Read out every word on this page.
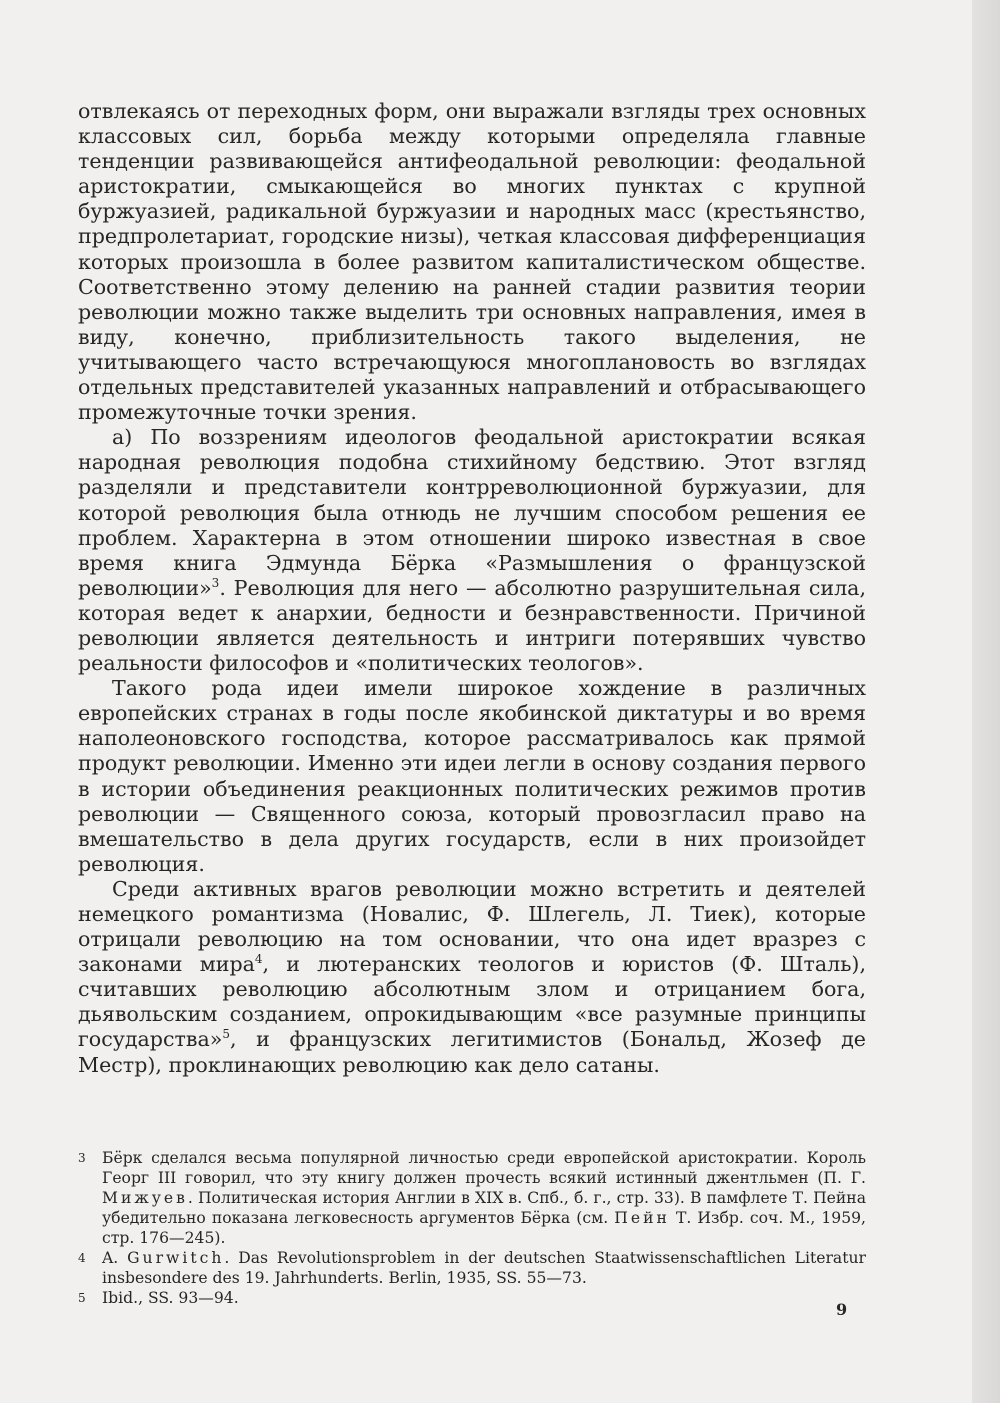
отвлекаясь от переходных форм, они выражали взгляды трех основных классовых сил, борьба между которыми определяла главные тенденции развивающейся антифеодальной революции: феодальной аристократии, смыкающейся во многих пунктах с крупной буржуазией, радикальной буржуазии и народных масс (крестьянство, предпролетариат, городские низы), четкая классовая дифференциация которых произошла в более развитом капиталистическом обществе. Соответственно этому делению на ранней стадии развития теории революции можно также выделить три основных направления, имея в виду, конечно, приблизительность такого выделения, не учитывающего часто встречающуюся многоплановость во взглядах отдельных представителей указанных направлений и отбрасывающего промежуточные точки зрения.

а) По воззрениям идеологов феодальной аристократии всякая народная революция подобна стихийному бедствию. Этот взгляд разделяли и представители контрреволюционной буржуазии, для которой революция была отнюдь не лучшим способом решения ее проблем. Характерна в этом отношении широко известная в свое время книга Эдмунда Бёрка «Размышления о французской революции»$^3$. Революция для него — абсолютно разрушительная сила, которая ведет к анархии, бедности и безнравственности. Причиной революции является деятельность и интриги потерявших чувство реальности философов и «политических теологов».

Такого рода идеи имели широкое хождение в различных европейских странах в годы после якобинской диктатуры и во время наполеоновского господства, которое рассматривалось как прямой продукт революции. Именно эти идеи легли в основу создания первого в истории объединения реакционных политических режимов против революции — Священного союза, который провозгласил право на вмешательство в дела других государств, если в них произойдет революция.

Среди активных врагов революции можно встретить и деятелей немецкого романтизма (Новалис, Ф. Шлегель, Л. Тиек), которые отрицали революцию на том основании, что она идет вразрез с законами мира$^4$, и лютеранских теологов и юристов (Ф. Шталь), считавших революцию абсолютным злом и отрицанием бога, дьявольским созданием, опрокидывающим «все разумные принципы государства»$^5$, и французских легитимистов (Бональд, Жозеф де Местр), проклинающих революцию как дело сатаны.

3 Бёрк сделался весьма популярной личностью среди европейской аристократии. Король Георг III говорил, что эту книгу должен прочесть всякий истинный джентльмен (П. Г. Мижуев. Политическая история Англии в XIX в. Спб., б. г., стр. 33). В памфлете Т. Пейна убедительно показана легковесность аргументов Бёрка (см. Пейн Т. Избр. соч. М., 1959, стр. 176—245).
4 A. Gurwitch. Das Revolutionsproblem in der deutschen Staatwissenschaftlichen Literatur insbesondere des 19. Jahrhunderts. Berlin, 1935, SS. 55—73.
5 Ibid., SS. 93—94.
9
